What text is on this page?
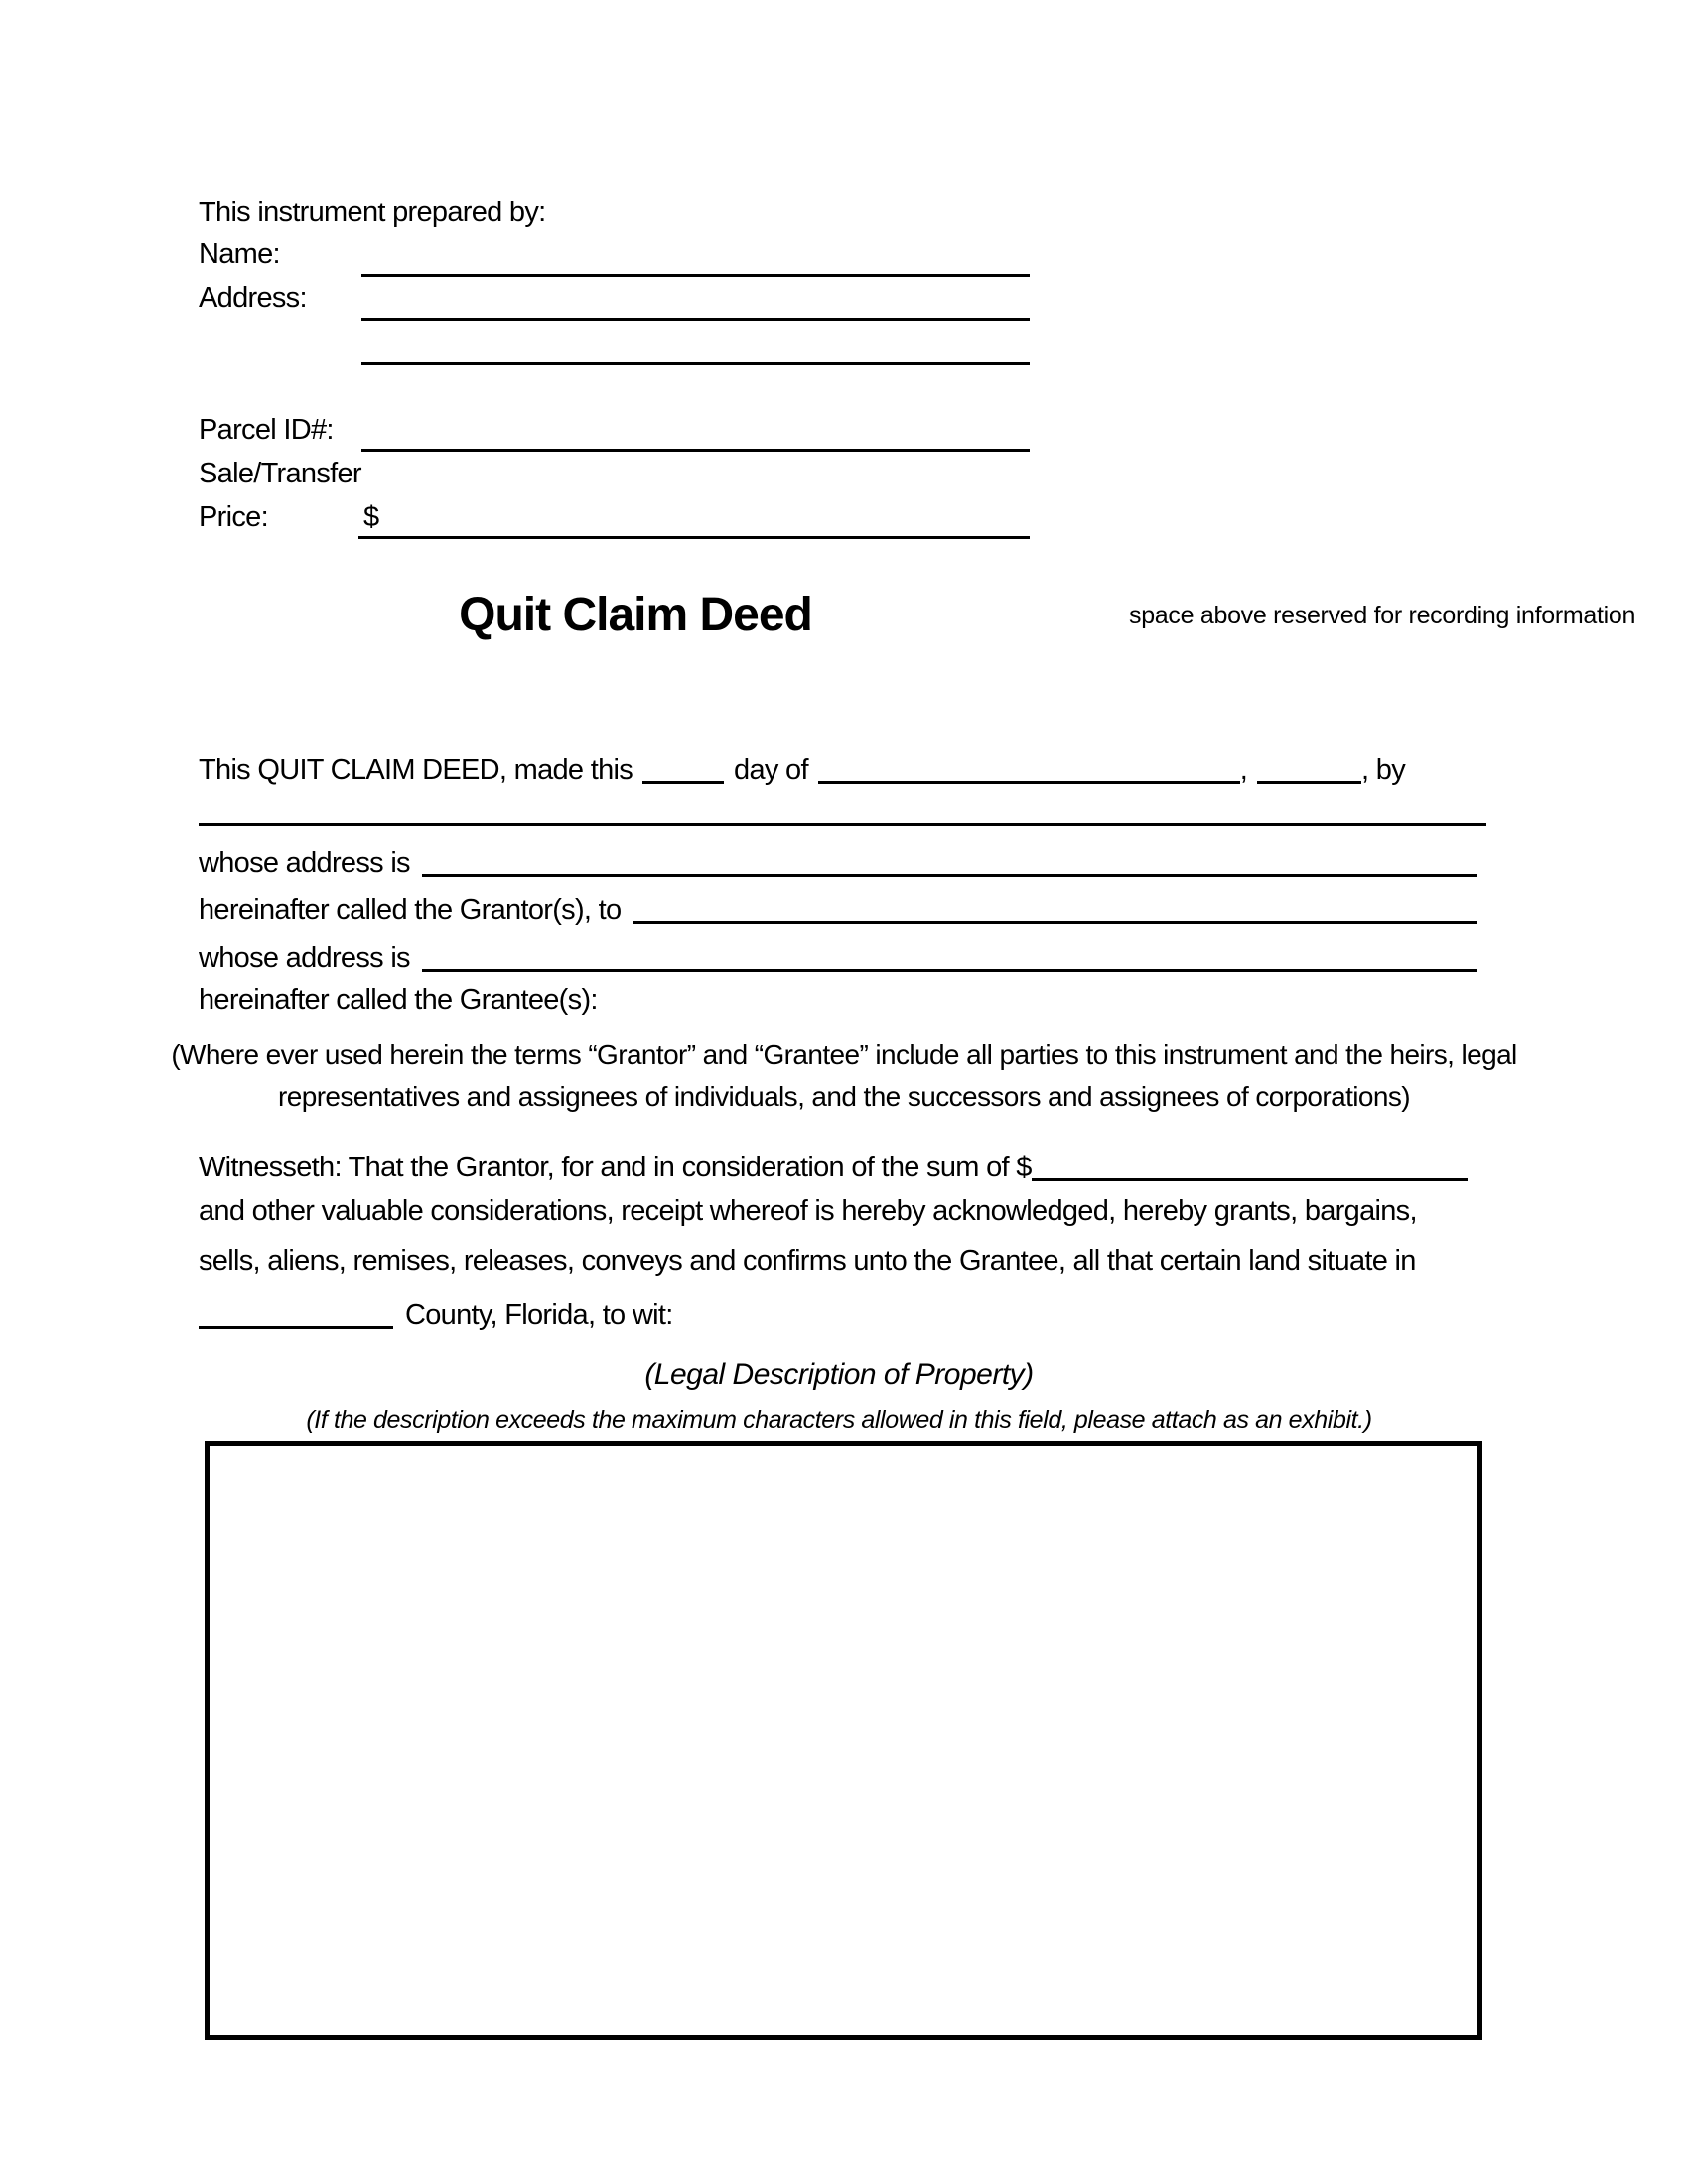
This instrument prepared by:
Name:
Address:
Parcel ID#:
Sale/Transfer
Price:	$
Quit Claim Deed	space above reserved for recording information
This QUIT CLAIM DEED, made this	day of	,	, by
whose address is
hereinafter called the Grantor(s), to
whose address is
hereinafter called the Grantee(s):
(Where ever used herein the terms “Grantor” and “Grantee” include all parties to this instrument and the heirs, legal
representatives and assignees of individuals, and the successors and assignees of corporations)
Witnesseth: That the Grantor, for and in consideration of the sum of $
and other valuable considerations, receipt whereof is hereby acknowledged, hereby grants, bargains,
sells, aliens, remises, releases, conveys and confirms unto the Grantee, all that certain land situate in
County, Florida, to wit:
(Legal Description of Property)
(If the description exceeds the maximum characters allowed in this field, please attach as an exhibit.)
